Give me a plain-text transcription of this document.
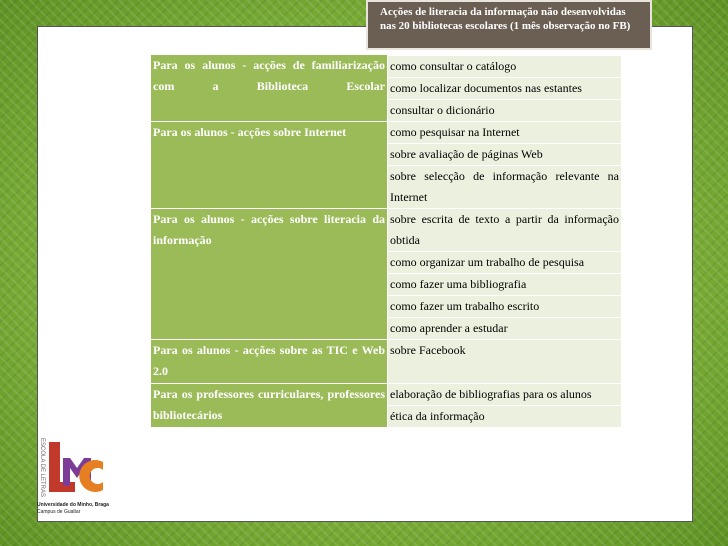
Acções de literacia da informação não desenvolvidas nas 20 bibliotecas escolares (1 mês observação no FB)
Para os alunos - acções de familiarização com a Biblioteca Escolar	
	como consultar o catálogo
	como localizar documentos nas estantes
	consultar o dicionário
Para os alunos - acções sobre Internet	como pesquisar na Internet
	sobre avaliação de páginas Web
	sobre selecção de informação relevante na Internet
Para os alunos - acções sobre literacia da informação	sobre escrita de texto a partir da informação obtida
	como organizar um trabalho de pesquisa
	como fazer uma bibliografia
	como fazer um trabalho escrito
	como aprender a estudar
Para os alunos - acções sobre as TIC e Web 2.0	sobre Facebook
Para os professores curriculares, professores bibliotecários	elaboração de bibliografias para os alunos
	ética da informação
ESCOLA DE LETRAS
Universidade do Minho, Braga
Campus de Gualtar
